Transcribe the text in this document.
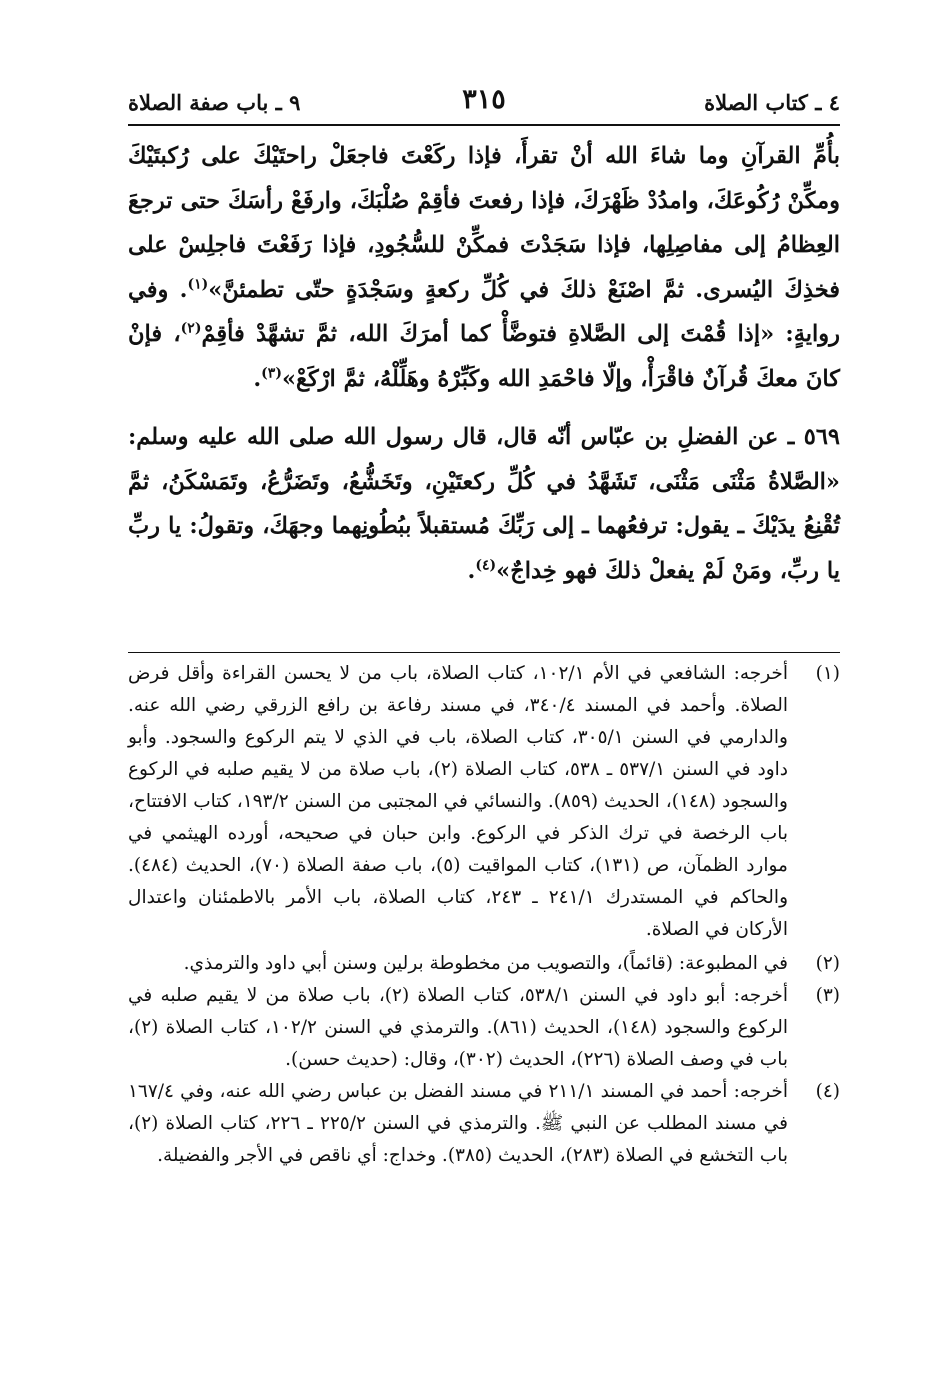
٤ ـ كتاب الصلاة
٣١٥
٩ ـ باب صفة الصلاة

بأُمِّ القرآنِ وما شاءَ الله أنْ تقرأَ، فإذا ركَعْتَ فاجعَلْ راحتَيْكَ على رُكبتَيْكَ ومكِّنْ رُكُوعَكَ، وامدُدْ ظَهْرَكَ، فإذا رفعتَ فأقِمْ صُلْبَكَ، وارفَعْ رأسَكَ حتى ترجعَ العِظامُ إلى مفاصِلِها، فإذا سَجَدْتَ فمكِّنْ للسُّجُودِ، فإذا رَفَعْتَ فاجلِسْ على فخذِكَ اليُسرى. ثمَّ اصْنَعْ ذلكَ في كُلِّ ركعةٍ وسَجْدَةٍ حتّى تطمئنَّ»$^{(١)}$. وفي روايةٍ: «إذا قُمْتَ إلى الصَّلاةِ فتوضَّأْ كما أمرَكَ الله، ثمَّ تشهَّدْ فأقِمْ$^{(٢)}$، فإنْ كانَ معكَ قُرآنٌ فاقْرَأْ، وإلّا فاحْمَدِ الله وكَبِّرْهُ وهَلِّلْهُ، ثمَّ ارْكَعْ»$^{(٣)}$.

٥٦٩ ـ عن الفضلِ بن عبّاس أنّه قال، قال رسول الله صلى الله عليه وسلم: «الصَّلاةُ مَثْنَى مَثْنَى، تَشَهَّدُ في كُلِّ ركعتَيْنِ، وتَخَشُّعُ، وتَضَرُّعُ، وتَمَسْكَنُ، ثمَّ تُقْنِعُ يدَيْكَ ـ يقول: ترفعُهما ـ إلى رَبِّكَ مُستقبلاً ببُطُونِهما وجهَكَ، وتقولُ: يا ربِّ يا ربِّ، ومَنْ لَمْ يفعلْ ذلكَ فهو خِداجٌ»$^{(٤)}$.

(١)
أخرجه: الشافعي في الأم ١٠٢/١، كتاب الصلاة، باب من لا يحسن القراءة وأقل فرض الصلاة. وأحمد في المسند ٣٤٠/٤، في مسند رفاعة بن رافع الزرقي رضي الله عنه. والدارمي في السنن ٣٠٥/١، كتاب الصلاة، باب في الذي لا يتم الركوع والسجود. وأبو داود في السنن ٥٣٧/١ ـ ٥٣٨، كتاب الصلاة (٢)، باب صلاة من لا يقيم صلبه في الركوع والسجود (١٤٨)، الحديث (٨٥٩). والنسائي في المجتبى من السنن ١٩٣/٢، كتاب الافتتاح، باب الرخصة في ترك الذكر في الركوع. وابن حبان في صحيحه، أورده الهيثمي في موارد الظمآن، ص (١٣١)، كتاب المواقيت (٥)، باب صفة الصلاة (٧٠)، الحديث (٤٨٤). والحاكم في المستدرك ٢٤١/١ ـ ٢٤٣، كتاب الصلاة، باب الأمر بالاطمئنان واعتدال الأركان في الصلاة.
(٢)
في المطبوعة: (قائماً)، والتصويب من مخطوطة برلين وسنن أبي داود والترمذي.
(٣)
أخرجه: أبو داود في السنن ٥٣٨/١، كتاب الصلاة (٢)، باب صلاة من لا يقيم صلبه في الركوع والسجود (١٤٨)، الحديث (٨٦١). والترمذي في السنن ١٠٢/٢، كتاب الصلاة (٢)، باب في وصف الصلاة (٢٢٦)، الحديث (٣٠٢)، وقال: (حديث حسن).
(٤)
أخرجه: أحمد في المسند ٢١١/١ في مسند الفضل بن عباس رضي الله عنه، وفي ١٦٧/٤ في مسند المطلب عن النبي ﷺ. والترمذي في السنن ٢٢٥/٢ ـ ٢٢٦، كتاب الصلاة (٢)، باب التخشع في الصلاة (٢٨٣)، الحديث (٣٨٥). وخداج: أي ناقص في الأجر والفضيلة.
